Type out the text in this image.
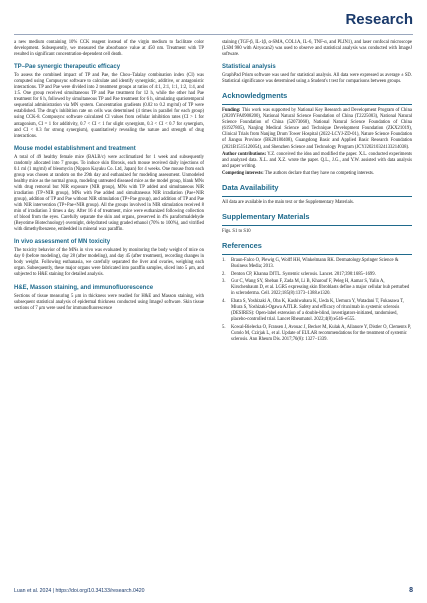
Research

a new medium containing 10% CCK reagent instead of the virgin medium to facilitate color development. Subsequently, we measured the absorbance value at 450 nm. Treatment with TP resulted in significant concentration-dependent cell death.

TP–Pae synergic therapeutic efficacy

To assess the combined impact of TP and Pae, the Chou–Talalay combination index (CI) was computed using Compusync software to calculate and identify synergistic, additive, or antagonistic interactions. TP and Pae were divided into 2 treatment groups at ratios of 4:1, 2:1, 1:1, 1:2, 1:4, and 1:5. One group received simultaneous TP and Pae treatment for 12 h, while the other had Pae treatment for 6 h, followed by simultaneous TP and Pae treatment for 6 h, simulating spatiotemporal sequential administration via MN system. Concentration gradients (0.02 to 0.2 mg/ml) of TP were established. The drug's inhibition rate on cells was determined (4 times in parallel for each group) using CCK-8. Compusync software calculated CI values from cellular inhibition rates (CI > 1 for antagonism, CI = 1 for additivity, 0.7 < CI < 1 for slight synergism, 0.3 < CI < 0.7 for synergism, and CI < 0.3 for strong synergism), quantitatively revealing the nature and strength of drug interactions.

Mouse model establishment and treatment

A total of 49 healthy female mice (BALB/c) were acclimatized for 1 week and subsequently randomly allocated into 7 groups. To induce skin fibrosis, each mouse received daily injections of 0.1 ml (1 mg/ml) of bleomycin (Nippon Kayaku Co. Ltd, Japan) for 4 weeks. One mouse from each group was chosen at random on the 29th day and euthanized for modeling assessment. Unmodeled healthy mice as the normal group, modeling untreated diseased mice as the model group, blank MNs with drug removal but NIR exposure (NIR group), MNs with TP added and simultaneous NIR irradiation (TP+NIR group), MNs with Pae added and simultaneous NIR irradiation (Pae+NIR group), addition of TP and Pae without NIR stimulation (TP+Pae group), and addition of TP and Pae with NIR intervention (TP+Pae+NIR group). All the groups involved in NIR stimulation received 8 min of irradiation 3 times a day. After 16 d of treatment, mice were euthanized following collection of blood from the eyes. Carefully separate the skin and organs, preserved in 4% paraformaldehyde (Beyotime Biotechnology) overnight, dehydrated using graded ethanol (70% to 100%), and vitrified with dimethylbenzene, embedded in mineral wax paraffin.

In vivo assessment of MN toxicity

The toxicity behavior of the MNs in vivo was evaluated by monitoring the body weight of mice on day 0 (before modeling), day 28 (after modeling), and day 45 (after treatment), recording changes in body weight. Following euthanasia, we carefully separated the liver and ovaries, weighing each organ. Subsequently, these major organs were fabricated into paraffin samples, sliced into 5 μm, and subjected to H&E staining for detailed analysis.

H&E, Masson staining, and immunofluorescence

Sections of tissue measuring 5 μm in thickness were readied for H&E and Masson staining, with subsequent statistical analysis of epidermal thickness conducted using ImageJ software. Skin tissue sections of 7 μm were used for immunofluorescence

staining (TGF-β, IL-1β, α-SMA, COL1A, IL-6, TNF-α, and PLIN1), and laser confocal microscope (LSM 980 with Airyscan2) was used to observe and statistical analysis was conducted with ImageJ software.

Statistical analysis

GraphPad Prism software was used for statistical analysis. All data were expressed as average ± SD. Statistical significance was determined using a Student's t test for comparisons between groups.

Acknowledgments

Funding: This work was supported by National Key Research and Development Program of China (2020YFA0908200), National Natural Science Foundation of China (T2225003), National Natural Science Foundation of China (52073060), National Natural Science Foundation of China (61927805), Nanjing Medical Science and Technique Development Foundation (ZKX21019), Clinical Trials from Nanjing Drum Tower Hospital (2022-LCYJ-ZD-01), Nature Science Foundation of Jiangsu Province (BK20180408), Guangdong Basic and Applied Basic Research Foundation (2021B1515120054), and Shenzhen Science and Technology Program (JCYJ20210324133214038).

Author contributions: Y.Z. conceived the idea and modified the paper. X.L. conducted experiments and analyzed data. X.L. and X.Z. wrote the paper. Q.L., J.G., and Y.W. assisted with data analysis and paper writing.

Competing interests: The authors declare that they have no competing interests.

Data Availability

All data are available in the main text or the Supplementary Materials.

Supplementary Materials

Figs. S1 to S10

References
1. Braun-Falco O, Plewig G, Wolff HH, Winkelmann RK. Dermatology.Springer Science & Business Media; 2013.
2. Denton CP, Khanna DJTL. Systemic sclerosis. Lancet. 2017;390:1685–1699.
3. Gur C, Wang SY, Sheban F, Zada M, Li B, Kharouf F, Peleg H, Aamar S, Yalin A, Kirschenbaum D, et al. LGR5 expressing skin fibroblasts define a major cellular hub perturbed in scleroderma. Cell. 2022;185(8):1373–1388.e1320.
4. Ebata S, Yoshizaki A, Oba K, Kashiwabara K, Ueda K, Uemura Y, Watadani T, Fukasawa T, Miura S, Yoshizaki-Ogawa AJTLR. Safety and efficacy of rituximab in systemic sclerosis (DESIRES): Open-label extension of a double-blind, investigators-initiated, randomised, placebo-controlled trial. Lancet Rheumatol. 2022;4(8):e546–e555.
5. Kowal-Bielecka O, Fransen J, Avouac J, Becker M, Kulak A, Allanore Y, Distler O, Clements P, Cutolo M, Czirjak L, et al. Update of EULAR recommendations for the treatment of systemic sclerosis. Ann Rheum Dis. 2017;76(8): 1327–1339.
Luan et al. 2024 | https://doi.org/10.34133/research.0420	8
